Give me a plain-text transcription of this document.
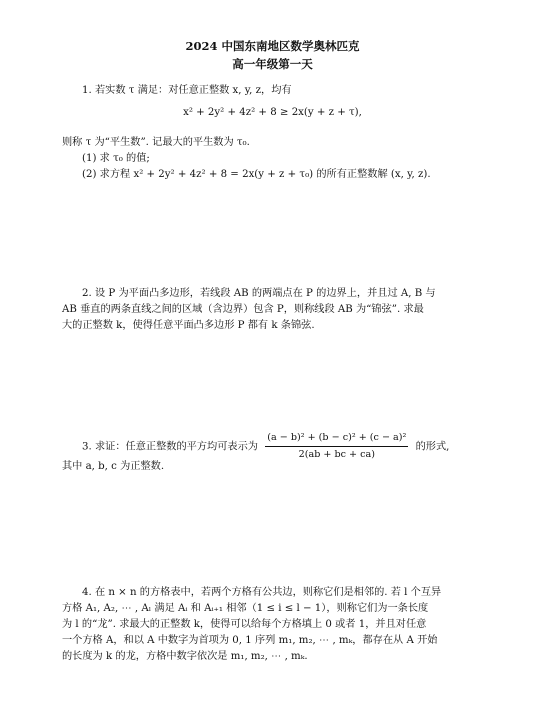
2024 中国东南地区数学奥林匹克
高一年级第一天
1. 若实数 τ 满足：对任意正整数 x, y, z，均有
x² + 2y² + 4z² + 8 ≥ 2x(y + z + τ),
则称 τ 为“平生数”. 记最大的平生数为 τ₀.
(1) 求 τ₀ 的值;
(2) 求方程 x² + 2y² + 4z² + 8 = 2x(y + z + τ₀) 的所有正整数解 (x, y, z).
2. 设 P 为平面凸多边形，若线段 AB 的两端点在 P 的边界上，并且过 A, B 与
AB 垂直的两条直线之间的区域（含边界）包含 P，则称线段 AB 为“锦弦”. 求最
大的正整数 k，使得任意平面凸多边形 P 都有 k 条锦弦.
3. 求证：任意正整数的平方均可表示为 $\frac{\text{(a − b)² + (b − c)² + (c − a)²}}{2(ab + bc + ca)}$ 的形式,
其中 a, b, c 为正整数.
4. 在 n × n 的方格表中，若两个方格有公共边，则称它们是相邻的. 若 l 个互异
方格 A₁, A₂, ⋯ , Aₗ 满足 Aᵢ 和 Aᵢ₊₁ 相邻（1 ≤ i ≤ l − 1），则称它们为一条长度
为 l 的“龙”. 求最大的正整数 k，使得可以给每个方格填上 0 或者 1，并且对任意
一个方格 A，和以 A 中数字为首项为 0, 1 序列 m₁, m₂, ⋯ , mₖ，都存在从 A 开始
的长度为 k 的龙，方格中数字依次是 m₁, m₂, ⋯ , mₖ.
